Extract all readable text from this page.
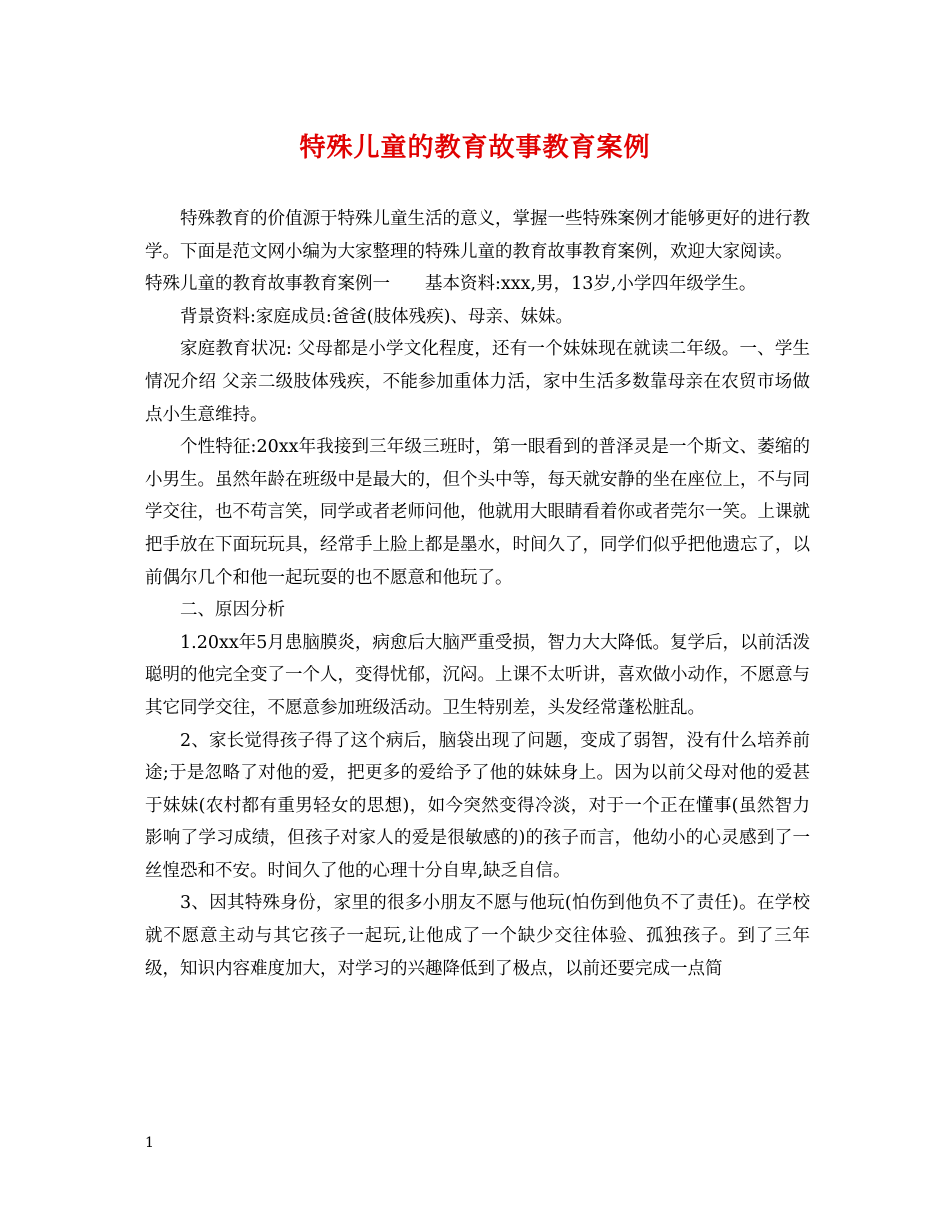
特殊儿童的教育故事教育案例

特殊教育的价值源于特殊儿童生活的意义，掌握一些特殊案例才能够更好的进行教学。下面是范文网小编为大家整理的特殊儿童的教育故事教育案例，欢迎大家阅读。

特殊儿童的教育故事教育案例一　　基本资料:xxx,男，13岁,小学四年级学生。

背景资料:家庭成员:爸爸(肢体残疾)、母亲、妹妹。

家庭教育状况: 父母都是小学文化程度，还有一个妹妹现在就读二年级。一、学生情况介绍 父亲二级肢体残疾，不能参加重体力活，家中生活多数靠母亲在农贸市场做点小生意维持。

个性特征:20xx年我接到三年级三班时，第一眼看到的普泽灵是一个斯文、萎缩的小男生。虽然年龄在班级中是最大的，但个头中等，每天就安静的坐在座位上，不与同学交往，也不苟言笑，同学或者老师问他，他就用大眼睛看着你或者莞尔一笑。上课就把手放在下面玩玩具，经常手上脸上都是墨水，时间久了，同学们似乎把他遗忘了，以前偶尔几个和他一起玩耍的也不愿意和他玩了。

二、原因分析

1.20xx年5月患脑膜炎，病愈后大脑严重受损，智力大大降低。复学后，以前活泼聪明的他完全变了一个人，变得忧郁，沉闷。上课不太听讲，喜欢做小动作，不愿意与其它同学交往，不愿意参加班级活动。卫生特别差，头发经常蓬松脏乱。

2、家长觉得孩子得了这个病后，脑袋出现了问题，变成了弱智，没有什么培养前途;于是忽略了对他的爱，把更多的爱给予了他的妹妹身上。因为以前父母对他的爱甚于妹妹(农村都有重男轻女的思想)，如今突然变得冷淡，对于一个正在懂事(虽然智力影响了学习成绩，但孩子对家人的爱是很敏感的)的孩子而言，他幼小的心灵感到了一丝惶恐和不安。时间久了他的心理十分自卑,缺乏自信。

3、因其特殊身份，家里的很多小朋友不愿与他玩(怕伤到他负不了责任)。在学校就不愿意主动与其它孩子一起玩,让他成了一个缺少交往体验、孤独孩子。到了三年级，知识内容难度加大，对学习的兴趣降低到了极点，以前还要完成一点简

1
